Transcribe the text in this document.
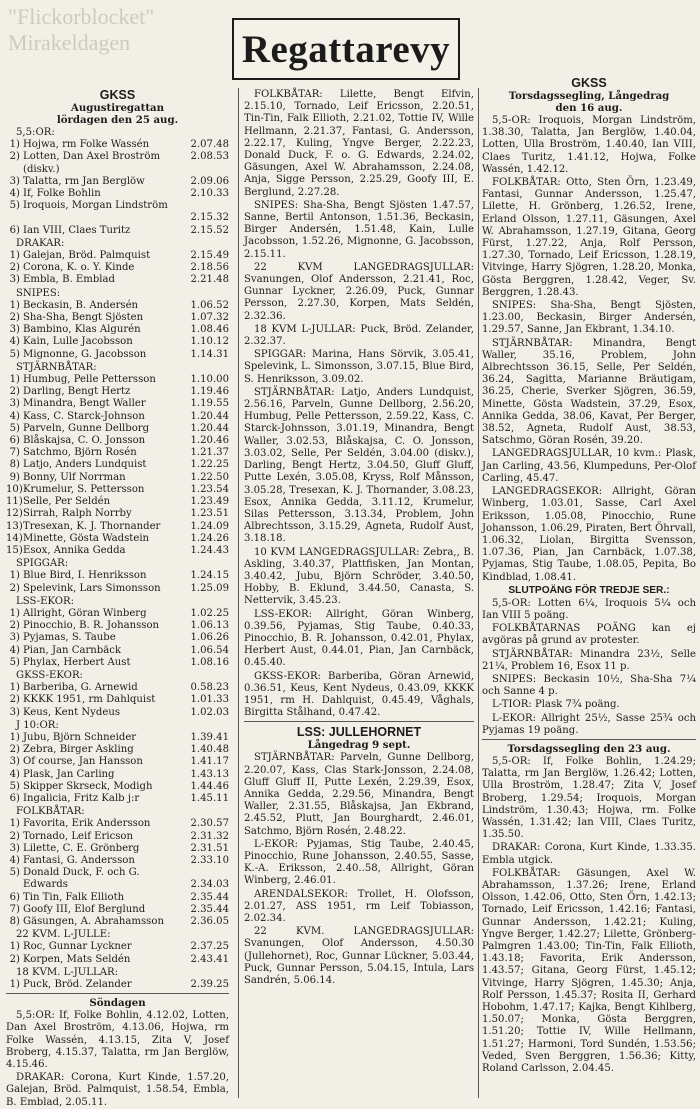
"Flickorblocket"
Mirakeldagen	Regattarevy
GKSS
Augustiregattan
lördagen den 25 aug.
5,5:OR:
1) Hojwa, rm Folke Wassén	2.07.48
2) Lotten, Dan Axel Broström	2.08.53
(diskv.)
3) Talatta, rm Jan Berglöw	2.09.06
4) If, Folke Bohlin	2.10.33
5) Iroquois, Morgan Lindström
2.15.32
6) Ian VIII, Claes Turitz	2.15.52
DRAKAR:
1) Galejan, Bröd. Palmquist	2.15.49
2) Corona, K. o. Y. Kinde	2.18.56
3) Embla, B. Emblad	2.21.48
SNIPES:
1) Beckasin, B. Andersén	1.06.52
2) Sha-Sha, Bengt Sjösten	1.07.32
3) Bambino, Klas Algurén	1.08.46
4) Kain, Lulle Jacobsson	1.10.12
5) Mignonne, G. Jacobsson	1.14.31
STJÄRNBÅTAR:
1) Humbug, Pelle Pettersson	1.10.00
2) Darling, Bengt Hertz	1.19.46
3) Minandra, Bengt Waller	1.19.55
4) Kass, C. Starck-Johnson	1.20.44
5) Parveln, Gunne Dellborg	1.20.44
6) Blåskajsa, C. O. Jonsson	1.20.46
7) Satchmo, Björn Rosén	1.21.37
8) Latjo, Anders Lundquist	1.22.25
9) Bonny, Ulf Norrman	1.22.50
10) Krumelur, S. Pettersson	1.23.54
11) Selle, Per Seldén	1.23.49
12) Sirrah, Ralph Norrby	1.23.51
13) Tresexan, K. J. Thornander	1.24.09
14) Minette, Gösta Wadstein	1.24.26
15) Esox, Annika Gedda	1.24.43
SPIGGAR:
1) Blue Bird, I. Henriksson	1.24.15
2) Spelevink, Lars Simonsson	1.25.09
LSS-EKOR:
1) Allright, Göran Winberg	1.02.25
2) Pinocchio, B. R. Johansson	1.06.13
3) Pyjamas, S. Taube	1.06.26
4) Pian, Jan Carnbäck	1.06.54
5) Phylax, Herbert Aust	1.08.16
GKSS-EKOR:
1) Barberiba, G. Arnewid	0.58.23
2) KKKK 1951, rm Dahlquist	1.01.33
3) Keus, Kent Nydeus	1.02.03
J 10:OR:
1) Jubu, Björn Schneider	1.39.41
2) Zebra, Birger Askling	1.40.48
3) Of course, Jan Hansson	1.41.17
4) Plask, Jan Carling	1.43.13
5) Skipper Skrseck, Modigh	1.44.46
6) Ingalicia, Fritz Kalb j:r	1.45.11
FOLKBÅTAR:
1) Favorita, Erik Andersson	2.30.57
2) Tornado, Leif Ericson	2.31.32
3) Lilette, C. E. Grönberg	2.31.51
4) Fantasi, G. Andersson	2.33.10
5) Donald Duck, F. och G.
Edwards	2.34.03
6) Tin Tin, Falk Ellioth	2.35.44
7) Goofy III, Elof Berglund	2.35.44
8) Gäsungen, A. Abrahamsson	2.36.05
22 KVM. L-JULLE:
1) Roc, Gunnar Lyckner	2.37.25
2) Korpen, Mats Seldén	2.43.41
18 KVM. L-JULLAR:
1) Puck, Bröd. Zelander	2.39.25
Söndagen
5,5:OR: If, Folke Bohlin, 4.12.02, Lotten, Dan Axel Broström, 4.13.06, Hojwa, rm Folke Wassén, 4.13.15, Zita V, Josef Broberg, 4.15.37, Talatta, rm Jan Berglöw, 4.15.46.
DRAKAR: Corona, Kurt Kinde, 1.57.20, Galejan, Bröd. Palmquist, 1.58.54, Embla, B. Emblad, 2.05.11.
FOLKBÅTAR: Lilette, Bengt Elfvin, 2.15.10, Tornado, Leif Ericsson, 2.20.51, Tin-Tin, Falk Ellioth, 2.21.02, Tottie IV, Wille Hellmann, 2.21.37, Fantasi, G. Andersson, 2.22.17, Kuling, Yngve Berger, 2.22.23, Donald Duck, F. o. G. Edwards, 2.24.02, Gäsungen, Axel W. Abrahamsson, 2.24.08, Anja, Sigge Persson, 2.25.29, Goofy III, E. Berglund, 2.27.28.
SNIPES: Sha-Sha, Bengt Sjösten 1.47.57, Sanne, Bertil Antonson, 1.51.36, Beckasin, Birger Andersén, 1.51.48, Kain, Lulle Jacobsson, 1.52.26, Mignonne, G. Jacobsson, 2.15.11.
22 KVM LANGEDRAGSJULLAR: Svanungen, Olof Andersson, 2.21.41, Roc, Gunnar Lyckner, 2.26.09, Puck, Gunnar Persson, 2.27.30, Korpen, Mats Seldén, 2.32.36.
18 KVM L-JULLAR: Puck, Bröd. Zelander, 2.32.37.
SPIGGAR: Marina, Hans Sörvik, 3.05.41, Spelevink, L. Simonsson, 3.07.15, Blue Bird, S. Henriksson, 3.09.02.
STJÄRNBÅTAR: Latjo, Anders Lundquist, 2.56.16, Parveln, Gunne Dellborg, 2.56.20, Humbug, Pelle Pettersson, 2.59.22, Kass, C. Starck-Johnsson, 3.01.19, Minandra, Bengt Waller, 3.02.53, Blåskajsa, C. O. Jonsson, 3.03.02, Selle, Per Seldén, 3.04.00 (diskv.), Darling, Bengt Hertz, 3.04.50, Gluff Gluff, Putte Lexén, 3.05.08, Kryss, Rolf Månsson, 3.05.28, Tresexan, K. J. Thornander, 3.08.23, Esox, Annika Gedda, 3.11.12, Krumelur, Silas Pettersson, 3.13.34, Problem, John Albrechtsson, 3.15.29, Agneta, Rudolf Aust, 3.18.18.
10 KVM LANGEDRAGSJULLAR: Zebra,, B. Askling, 3.40.37, Plattfisken, Jan Montan, 3.40.42, Jubu, Björn Schröder, 3.40.50, Hobby, B. Eklund, 3.44.50, Canasta, S. Nettervik, 3.45.23.
LSS-EKOR: Allright, Göran Winberg, 0.39.56, Pyjamas, Stig Taube, 0.40.33, Pinocchio, B. R. Johansson, 0.42.01, Phylax, Herbert Aust, 0.44.01, Pian, Jan Carnbäck, 0.45.40.
GKSS-EKOR: Barberiba, Göran Arnewid, 0.36.51, Keus, Kent Nydeus, 0.43.09, KKKK 1951, rm H. Dahlquist, 0.45.49, Våghals, Birgitta Stålhand, 0.47.42.
LSS: JULLEHORNET
Långedrag 9 sept.
STJÄRNBÅTAR: Parveln, Gunne Dellborg, 2.20.07, Kass, Clas Stark-Jonsson, 2.24.08, Gluff Gluff II, Putte Lexén, 2.29.39, Esox, Annika Gedda, 2.29.56, Minandra, Bengt Waller, 2.31.55, Blåskajsa, Jan Ekbrand, 2.45.52, Plutt, Jan Bourghardt, 2.46.01, Satchmo, Björn Rosén, 2.48.22.
L-EKOR: Pyjamas, Stig Taube, 2.40.45, Pinocchio, Rune Johansson, 2.40.55, Sasse, K.-A. Eriksson, 2.40..58, Allright, Göran Winberg, 2.46.01.
ARENDALSEKOR: Trollet, H. Olofsson, 2.01.27, ASS 1951, rm Leif Tobiasson, 2.02.34.
22 KVM. LANGEDRAGSJULLAR: Svanungen, Olof Andersson, 4.50.30 (Jullehornet), Roc, Gunnar Lückner, 5.03.44, Puck, Gunnar Persson, 5.04.15, Intula, Lars Sandrén, 5.06.14.
GKSS
Torsdagssegling, Långedrag
den 16 aug.
5,5-OR: Iroquois, Morgan Lindström, 1.38.30, Talatta, Jan Berglöw, 1.40.04, Lotten, Ulla Broström, 1.40.40, Ian VIII, Claes Turitz, 1.41.12, Hojwa, Folke Wassén, 1.42.12.
FOLKBÅTAR: Otto, Sten Örn, 1.23.49, Fantasi, Gunnar Andersson, 1.25.47, Lilette, H. Grönberg, 1.26.52, Irene, Erland Olsson, 1.27.11, Gäsungen, Axel W. Abrahamsson, 1.27.19, Gitana, Georg Fürst, 1.27.22, Anja, Rolf Persson, 1.27.30, Tornado, Leif Ericsson, 1.28.19, Vitvinge, Harry Sjögren, 1.28.20, Monka, Gösta Berggren, 1.28.42, Veger, Sv. Berggren, 1.28.43.
SNIPES: Sha-Sha, Bengt Sjösten, 1.23.00, Beckasin, Birger Andersén, 1.29.57, Sanne, Jan Ekbrant, 1.34.10.
STJÄRNBÅTAR: Minandra, Bengt Waller, 35.16, Problem, John Albrechtsson 36.15, Selle, Per Seldén, 36.24, Sagitta, Marianne Bräutigam, 36.25, Cherie, Sverker Sjögren, 36.59, Minette, Gösta Wadstein, 37.29, Esox, Annika Gedda, 38.06, Kavat, Per Berger, 38.52, Agneta, Rudolf Aust, 38.53, Satschmo, Göran Rosén, 39.20.
LANGEDRAGSJULLAR, 10 kvm.: Plask, Jan Carling, 43.56, Klumpeduns, Per-Olof Carling, 45.47.
LANGEDRAGSEKOR: Allright, Göran Winberg, 1.03.01, Sasse, Carl Axel Eriksson, 1.05.08, Pinocchio, Rune Johansson, 1.06.29, Piraten, Bert Öhrvall, 1.06.32, Liolan, Birgitta Svensson, 1.07.36, Pian, Jan Carnbäck, 1.07.38, Pyjamas, Stig Taube, 1.08.05, Pepita, Bo Kindblad, 1.08.41.
SLUTPOÄNG FÖR TREDJE SER.:
5,5-OR: Lotten 6¼, Iroquois 5¼ och Ian VIII 5 poäng.
FOLKBÅTARNAS POÄNG kan ej avgöras på grund av protester.
STJÄRNBÅTAR: Minandra 23½, Selle 21¼, Problem 16, Esox 11 p.
SNIPES: Beckasin 10½, Sha-Sha 7¼ och Sanne 4 p.
L-TIOR: Plask 7¾ poäng.
L-EKOR: Allright 25½, Sasse 25¾ och Pyjamas 19 poäng.
Torsdagssegling den 23 aug.
5,5-OR: If, Folke Bohlin, 1.24.29; Talatta, rm Jan Berglöw, 1.26.42; Lotten, Ulla Broström, 1.28.47; Zita V, Josef Broberg, 1.29.54; Iroquois, Morgan Lindström, 1.30.43; Hojwa, rm. Folke Wassén, 1.31.42; Ian VIII, Claes Turitz, 1.35.50.
DRAKAR: Corona, Kurt Kinde, 1.33.35. Embla utgick.
FOLKBÅTAR: Gäsungen, Axel W. Abrahamsson, 1.37.26; Irene, Erland Olsson, 1.42.06, Otto, Sten Örn, 1.42.13; Tornado, Leif Ericsson, 1.42.16; Fantasi, Gunnar Andersson, 1.42.21; Kuling, Yngve Berger, 1.42.27; Lilette, Grönberg-Palmgren 1.43.00; Tin-Tin, Falk Ellioth, 1.43.18; Favorita, Erik Andersson, 1.43.57; Gitana, Georg Fürst, 1.45.12; Vitvinge, Harry Sjögren, 1.45.30; Anja, Rolf Persson, 1.45.37; Rosita II, Gerhard Hobohm, 1.47.17; Kajka, Bengt Kihlberg, 1.50.07; Monka, Gösta Berggren, 1.51.20; Tottie IV, Wille Hellmann, 1.51.27; Harmoni, Tord Sundén, 1.53.56; Veded, Sven Berggren, 1.56.36; Kitty, Roland Carlsson, 2.04.45.
